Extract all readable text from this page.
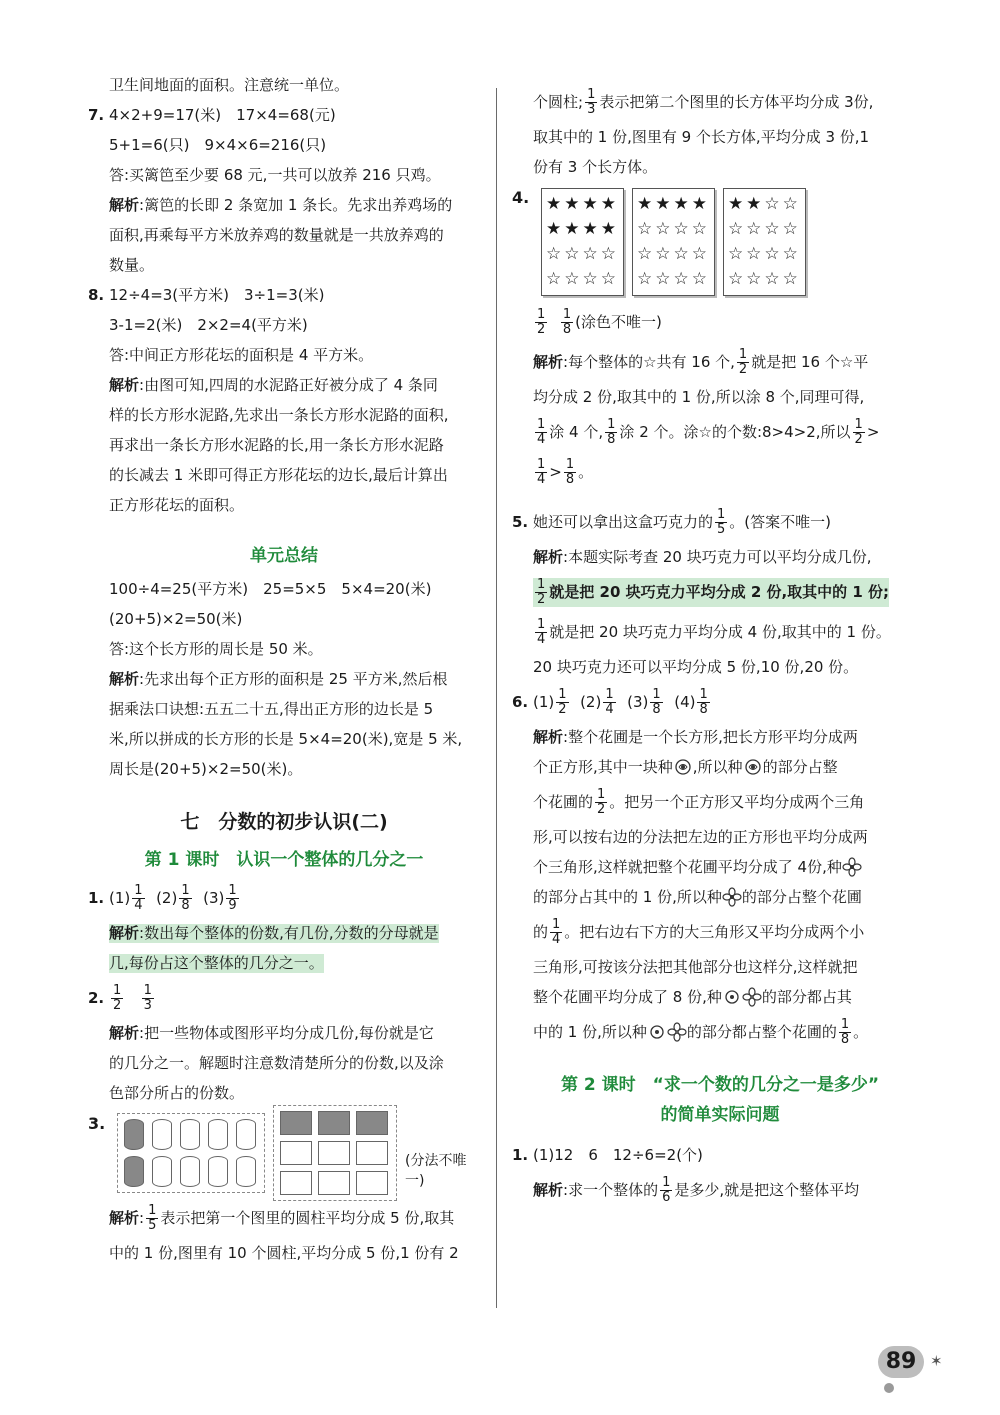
卫生间地面的面积。注意统一单位。
7. 4×2+9=17(米)　17×4=68(元)
5+1=6(只)　9×4×6=216(只)
答:买篱笆至少要 68 元,一共可以放养 216 只鸡。
解析 :篱笆的长即 2 条宽加 1 条长。先求出养鸡场的
面积,再乘每平方米放养鸡的数量就是一共放养鸡的
数量。
8. 12÷4=3(平方米)　3÷1=3(米)
3-1=2(米)　2×2=4(平方米)
答:中间正方形花坛的面积是 4 平方米。
解析 :由图可知,四周的水泥路正好被分成了 4 条同
样的长方形水泥路,先求出一条长方形水泥路的面积,
再求出一条长方形水泥路的长,用一条长方形水泥路
的长减去 1 米即可得正方形花坛的边长,最后计算出
正方形花坛的面积。
单元总结
100÷4=25(平方米)　25=5×5　5×4=20(米)
(20+5)×2=50(米)
答:这个长方形的周长是 50 米。
解析 :先求出每个正方形的面积是 25 平方米,然后根
据乘法口诀想:五五二十五,得出正方形的边长是 5
米,所以拼成的长方形的长是 5×4=20(米),宽是 5 米,
周长是(20+5)×2=50(米)。
七　分数的初步认识(二)
第 1 课时　认识一个整体的几分之一
1. $(1) \frac{1}{4}$
$(2) \frac{1}{8}$
$(3) \frac{1}{9}$
解析:数出每个整体的份数,有几份,分数的分母就是
几,每份占这个整体的几分之一。
2. $\frac{1}{2}$
$\frac{1}{3}$
解析 :把一些物体或图形平均分成几份,每份就是它
的几分之一。解题时注意数清楚所分的份数,以及涂
色部分所占的份数。
3.
(分法不唯一)
解析 : $\frac{1}{5}$ 表示把第一个图里的圆柱平均分成 5 份,取其
中的 1 份,图里有 10 个圆柱,平均分成 5 份,1 份有 2
个圆柱; $\frac{1}{3}$ 表示把第二个图里的长方体平均分成 3份,
取其中的 1 份,图里有 9 个长方体,平均分成 3 份,1
份有 3 个长方体。
4. ★★★★
★★★★
☆☆☆☆
☆☆☆☆
★★★★
☆☆☆☆
☆☆☆☆
☆☆☆☆
★★☆☆
☆☆☆☆
☆☆☆☆
☆☆☆☆
$\frac{1}{2}$
$\frac{1}{8}$ (涂色不唯一)
解析 :每个整体的☆共有 16 个, $\frac{1}{2}$ 就是把 16 个☆平
均分成 2 份,取其中的 1 份,所以涂 8 个,同理可得,
$\frac{1}{4}$ 涂 4 个, $\frac{1}{8}$ 涂 2 个。涂☆的个数:8>4>2,所以 $\frac{1}{2}$ >
$\frac{1}{4} > \frac{1}{8}$ 。
5. 她还可以拿出这盒巧克力的 $\frac{1}{5}$ 。(答案不唯一)
解析 :本题实际考查 20 块巧克力可以平均分成几份,
$\frac{1}{2}$ 就是把 20 块巧克力平均分成 2 份,取其中的 1 份;
$\frac{1}{4}$ 就是把 20 块巧克力平均分成 4 份,取其中的 1 份。
20 块巧克力还可以平均分成 5 份,10 份,20 份。
6. $(1) \frac{1}{2}$
$(2) \frac{1}{4}$
$(3) \frac{1}{8}$
$(4) \frac{1}{8}$
解析 :整个花圃是一个长方形,把长方形平均分成两
个正方形,其中一块种 ,所以种 的部分占整
个花圃的 $\frac{1}{2}$ 。把另一个正方形又平均分成两个三角
形,可以按右边的分法把左边的正方形也平均分成两
个三角形,这样就把整个花圃平均分成了 4份,种
的部分占其中的 1 份,所以种 的部分占整个花圃
的 $\frac{1}{4}$ 。把右边右下方的大三角形又平均分成两个小
三角形,可按该分法把其他部分也这样分,这样就把
整个花圃平均分成了 8 份,种	的部分都占其
中的 1 份,所以种	的部分都占整个花圃的 $\frac{1}{8}$ 。
第 2 课时　“求一个数的几分之一是多少”
的简单实际问题
1. (1)12　6　12÷6=2(个)
解析 :求一个整体的 $\frac{1}{6}$ 是多少,就是把这个整体平均
89 ✶
